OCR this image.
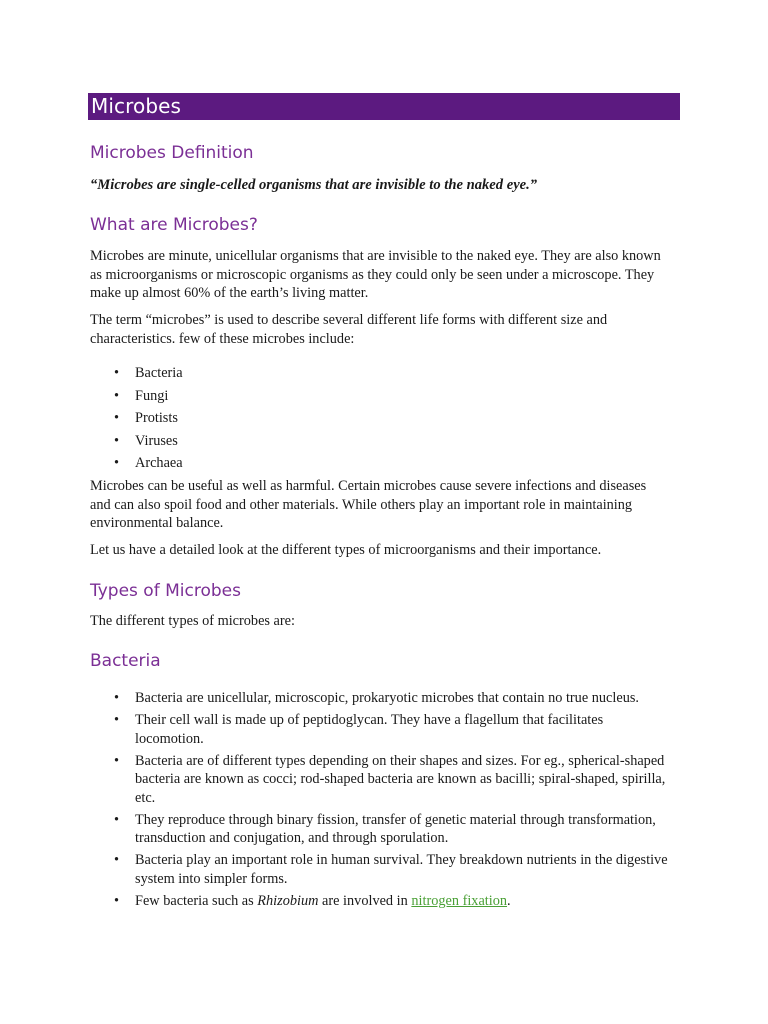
Microbes
Microbes Definition

“Microbes are single-celled organisms that are invisible to the naked eye.”

What are Microbes?

Microbes are minute, unicellular organisms that are invisible to the naked eye. They are also known as microorganisms or microscopic organisms as they could only be seen under a microscope. They make up almost 60% of the earth’s living matter.

The term “microbes” is used to describe several different life forms with different size and characteristics. few of these microbes include:

• Bacteria
• Fungi
• Protists
• Viruses
• Archaea

Microbes can be useful as well as harmful. Certain microbes cause severe infections and diseases and can also spoil food and other materials. While others play an important role in maintaining environmental balance.

Let us have a detailed look at the different types of microorganisms and their importance.

Types of Microbes

The different types of microbes are:

Bacteria
• Bacteria are unicellular, microscopic, prokaryotic microbes that contain no true nucleus.
• Their cell wall is made up of peptidoglycan. They have a flagellum that facilitates locomotion.
• Bacteria are of different types depending on their shapes and sizes. For eg., spherical-shaped bacteria are known as cocci; rod-shaped bacteria are known as bacilli; spiral-shaped, spirilla, etc.
• They reproduce through binary fission, transfer of genetic material through transformation, transduction and conjugation, and through sporulation.
• Bacteria play an important role in human survival. They breakdown nutrients in the digestive system into simpler forms.
• Few bacteria such as Rhizobium are involved in nitrogen fixation.
